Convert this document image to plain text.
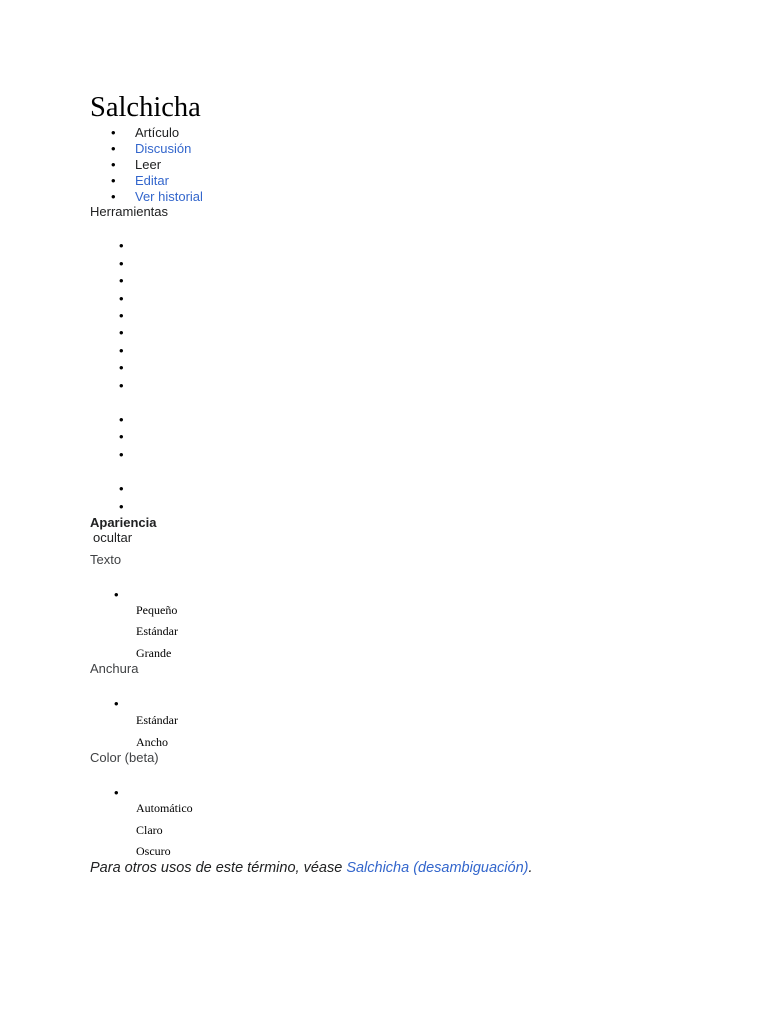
Salchicha
• Artículo
• Discusión
• Leer
• Editar
• Ver historial
Herramientas
•
•
•
•
•
•
•
•
•
•
•
•
•
•
Apariencia
ocultar
Texto
•
Pequeño
Estándar
Grande
Anchura
•
Estándar
Ancho
Color (beta)
•
Automático
Claro
Oscuro
Para otros usos de este término, véase Salchicha (desambiguación).
